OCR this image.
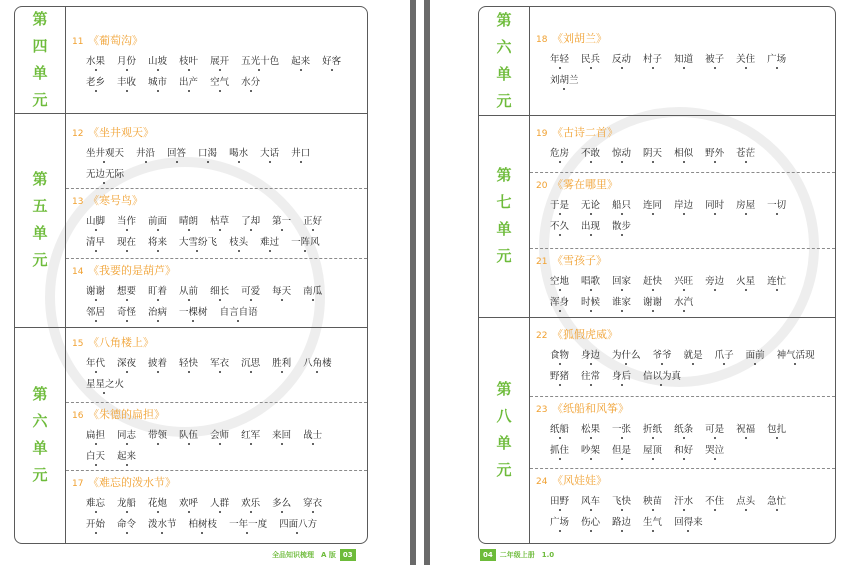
第
四
单
元
11 《葡萄沟》
水果 月份 山坡 枝叶 展开 五光十色 起来 好客老乡 丰收 城市 出产 空气 水分
第
五
单
元
12 《坐井观天》
坐井观天 井沿 回答 口渴 喝水 大话 井口无边无际
13 《寒号鸟》
山脚 当作 前面 晴朗 枯草 了却 第一 正好清早 现在 将来 大雪纷飞 枝头 难过 一阵风
14 《我要的是葫芦》
谢谢 想要 盯着 从前 细长 可爱 每天 南瓜邻居 奇怪 治病 一棵树 自言自语
第
六
单
元
15 《八角楼上》
年代 深夜 披着 轻快 军衣 沉思 胜利 八角楼星星之火
16 《朱德的扁担》
扁担 同志 带领 队伍 会师 红军 来回 战士白天 起来
17 《难忘的泼水节》
难忘 龙船 花炮 欢呼 人群 欢乐 多么 穿衣开始 命令 泼水节 柏树枝 一年一度 四面八方
全品知识梳理　A 版 03
第
六
单
元
18 《刘胡兰》
年轻 民兵 反动 村子 知道 被子 关住 广场刘胡兰
第
七
单
元
19 《古诗二首》
危房 不敢 惊动 阴天 相似 野外 苍茫
20 《雾在哪里》
于是 无论 船只 连同 岸边 同时 房屋 一切不久 出现 散步
21 《雪孩子》
空地 唱歌 回家 赶快 兴旺 旁边 火星 连忙浑身 时候 谁家 谢谢 水汽
第
八
单
元
22 《狐假虎威》
食物 身边 为什么 爷爷 就是 爪子 面前 神气活现野猪 往常 身后 信以为真
23 《纸船和风筝》
纸船 松果 一张 折纸 纸条 可是 祝福 包扎抓住 吵架 但是 屋顶 和好 哭泣
24 《风娃娃》
田野 风车 飞快 秧苗 汗水 不住 点头 急忙广场 伤心 路边 生气 回得来
04 二年级上册　1.0
